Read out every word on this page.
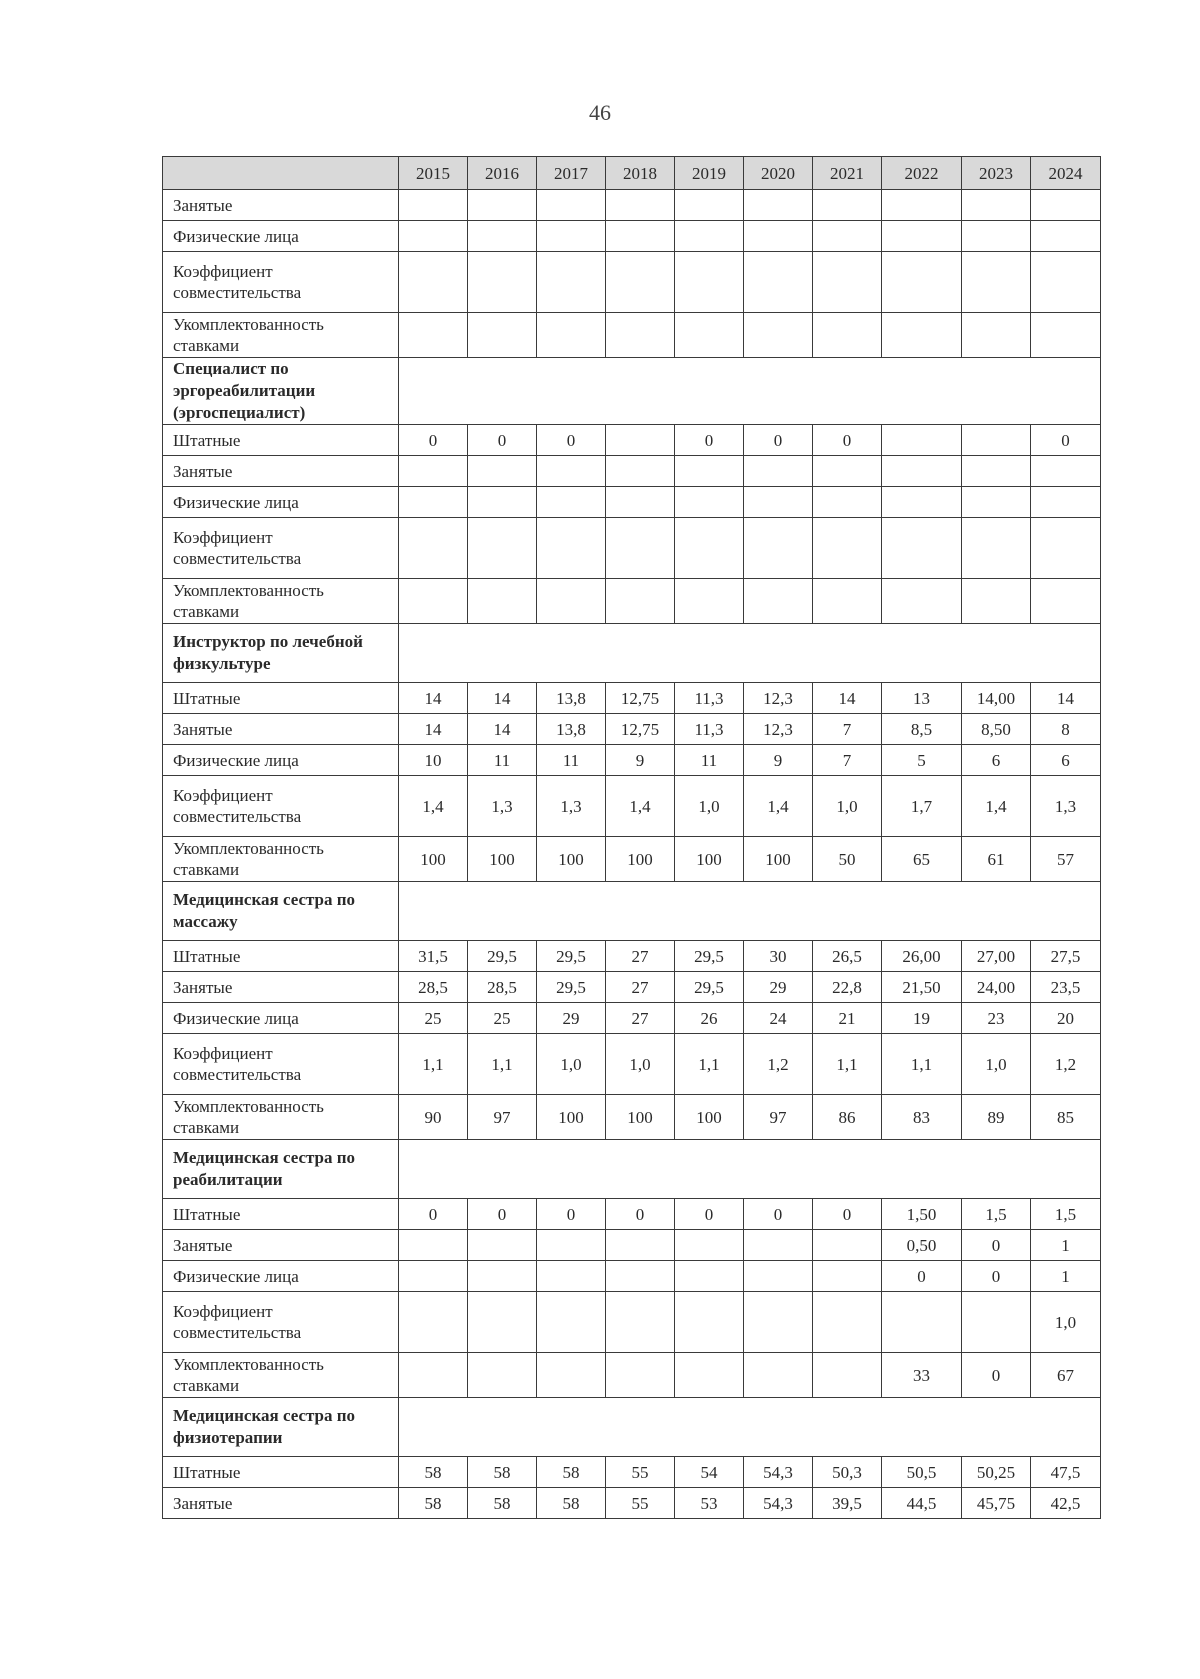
46
	2015	2016	2017	2018	2019	2020	2021	2022	2023	2024
Занятые										
Физические лица										
Коэффициент совместительства										
Укомплектованность ставками										
Специалист по эргореабилитации (эргоспециалист)										
Штатные	0	0	0		0	0	0			0
Занятые										
Физические лица										
Коэффициент совместительства										
Укомплектованность ставками										
Инструктор по лечебной физкультуре										
Штатные	14	14	13,8	12,75	11,3	12,3	14	13	14,00	14
Занятые	14	14	13,8	12,75	11,3	12,3	7	8,5	8,50	8
Физические лица	10	11	11	9	11	9	7	5	6	6
Коэффициент совместительства	1,4	1,3	1,3	1,4	1,0	1,4	1,0	1,7	1,4	1,3
Укомплектованность ставками	100	100	100	100	100	100	50	65	61	57
Медицинская сестра по массажу										
Штатные	31,5	29,5	29,5	27	29,5	30	26,5	26,00	27,00	27,5
Занятые	28,5	28,5	29,5	27	29,5	29	22,8	21,50	24,00	23,5
Физические лица	25	25	29	27	26	24	21	19	23	20
Коэффициент совместительства	1,1	1,1	1,0	1,0	1,1	1,2	1,1	1,1	1,0	1,2
Укомплектованность ставками	90	97	100	100	100	97	86	83	89	85
Медицинская сестра по реабилитации										
Штатные	0	0	0	0	0	0	0	1,50	1,5	1,5
Занятые								0,50	0	1
Физические лица								0	0	1
Коэффициент совместительства										1,0
Укомплектованность ставками								33	0	67
Медицинская сестра по физиотерапии										
Штатные	58	58	58	55	54	54,3	50,3	50,5	50,25	47,5
Занятые	58	58	58	55	53	54,3	39,5	44,5	45,75	42,5
